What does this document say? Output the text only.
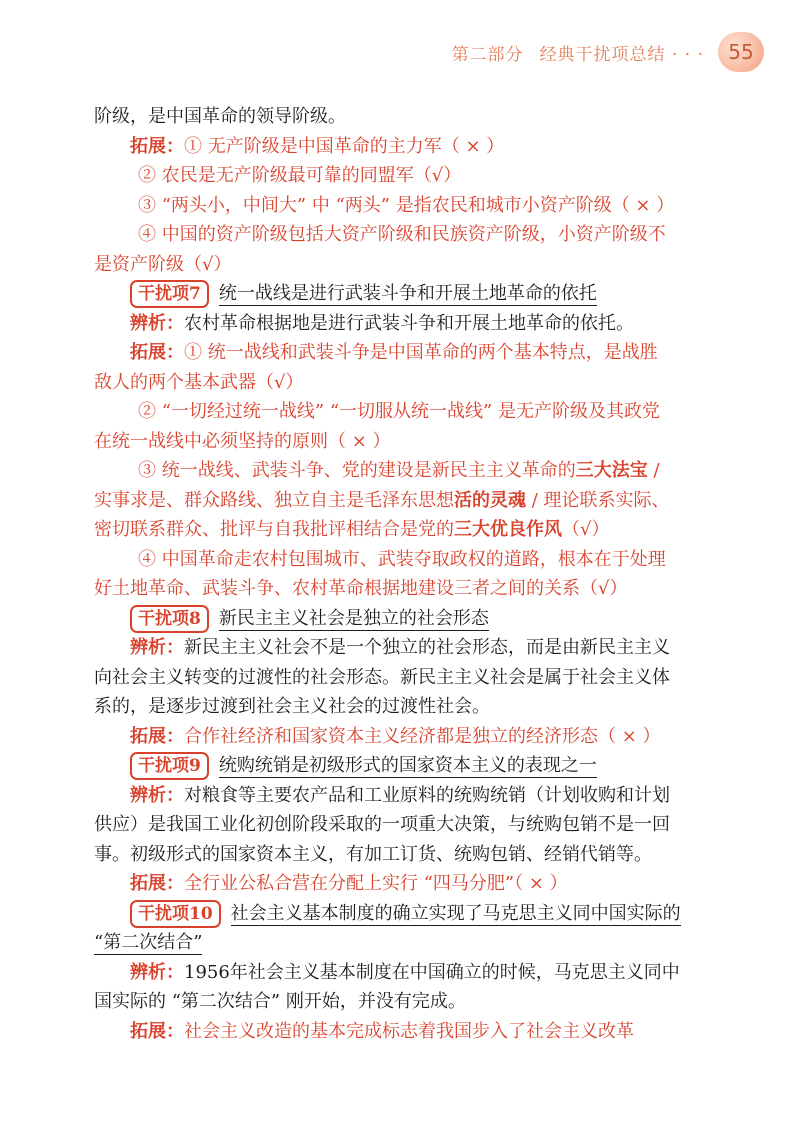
第二部分 经典干扰项总结 · · ·	55
阶级，是中国革命的领导阶级。
拓展：① 无产阶级是中国革命的主力军（ × ）
② 农民是无产阶级最可靠的同盟军（√）
③ “两头小，中间大” 中 “两头” 是指农民和城市小资产阶级（ × ）
④ 中国的资产阶级包括大资产阶级和民族资产阶级，小资产阶级不
是资产阶级（√）
干扰项7 统一战线是进行武装斗争和开展土地革命的依托
辨析：农村革命根据地是进行武装斗争和开展土地革命的依托。
拓展：① 统一战线和武装斗争是中国革命的两个基本特点，是战胜
敌人的两个基本武器（√）
② “一切经过统一战线” “一切服从统一战线” 是无产阶级及其政党
在统一战线中必须坚持的原则（ × ）
③ 统一战线、武装斗争、党的建设是新民主主义革命的三大法宝 /
实事求是、群众路线、独立自主是毛泽东思想活的灵魂 / 理论联系实际、
密切联系群众、批评与自我批评相结合是党的三大优良作风（√）
④ 中国革命走农村包围城市、武装夺取政权的道路，根本在于处理
好土地革命、武装斗争、农村革命根据地建设三者之间的关系（√）
干扰项8 新民主主义社会是独立的社会形态
辨析：新民主主义社会不是一个独立的社会形态，而是由新民主主义
向社会主义转变的过渡性的社会形态。新民主主义社会是属于社会主义体
系的，是逐步过渡到社会主义社会的过渡性社会。
拓展：合作社经济和国家资本主义经济都是独立的经济形态（ × ）
干扰项9 统购统销是初级形式的国家资本主义的表现之一
辨析：对粮食等主要农产品和工业原料的统购统销（计划收购和计划
供应）是我国工业化初创阶段采取的一项重大决策，与统购包销不是一回
事。初级形式的国家资本主义，有加工订货、统购包销、经销代销等。
拓展：全行业公私合营在分配上实行 “四马分肥”（ × ）
干扰项10 社会主义基本制度的确立实现了马克思主义同中国实际的
“第二次结合”
辨析：1956年社会主义基本制度在中国确立的时候，马克思主义同中
国实际的 “第二次结合” 刚开始，并没有完成。
拓展：社会主义改造的基本完成标志着我国步入了社会主义改革
